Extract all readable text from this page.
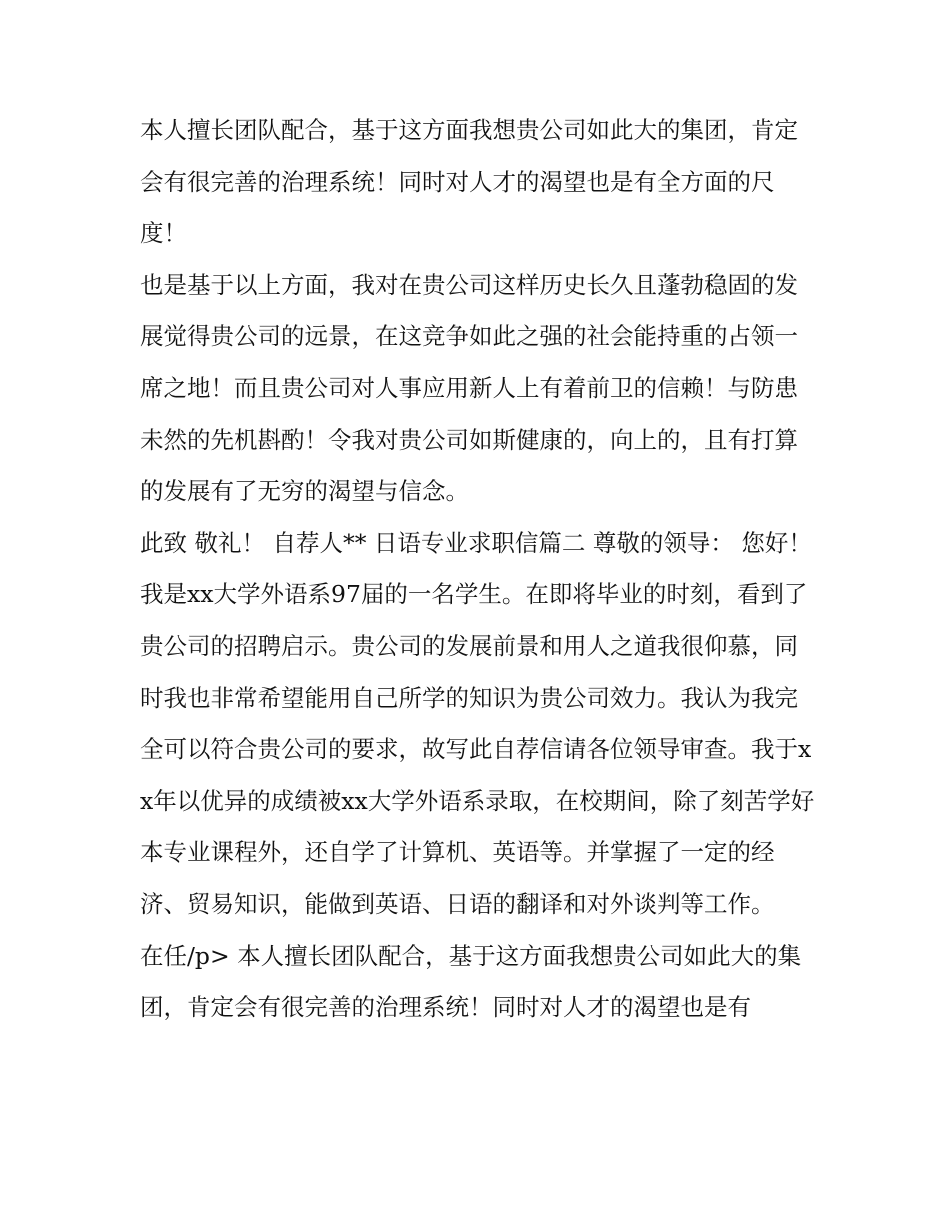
本人擅长团队配合，基于这方面我想贵公司如此大的集团，肯定会有很完善的治理系统！同时对人才的渴望也是有全方面的尺度！

也是基于以上方面，我对在贵公司这样历史长久且蓬勃稳固的发展觉得贵公司的远景，在这竞争如此之强的社会能持重的占领一席之地！而且贵公司对人事应用新人上有着前卫的信赖！与防患未然的先机斟酌！令我对贵公司如斯健康的，向上的，且有打算的发展有了无穷的渴望与信念。

此致 敬礼！ 自荐人** 日语专业求职信篇二 尊敬的领导： 您好！

我是xx大学外语系97届的一名学生。在即将毕业的时刻，看到了贵公司的招聘启示。贵公司的发展前景和用人之道我很仰慕，同时我也非常希望能用自己所学的知识为贵公司效力。我认为我完全可以符合贵公司的要求，故写此自荐信请各位领导审查。我于xx年以优异的成绩被xx大学外语系录取，在校期间，除了刻苦学好本专业课程外，还自学了计算机、英语等。并掌握了一定的经济、贸易知识，能做到英语、日语的翻译和对外谈判等工作。

在任/p> 本人擅长团队配合，基于这方面我想贵公司如此大的集团，肯定会有很完善的治理系统！同时对人才的渴望也是有
